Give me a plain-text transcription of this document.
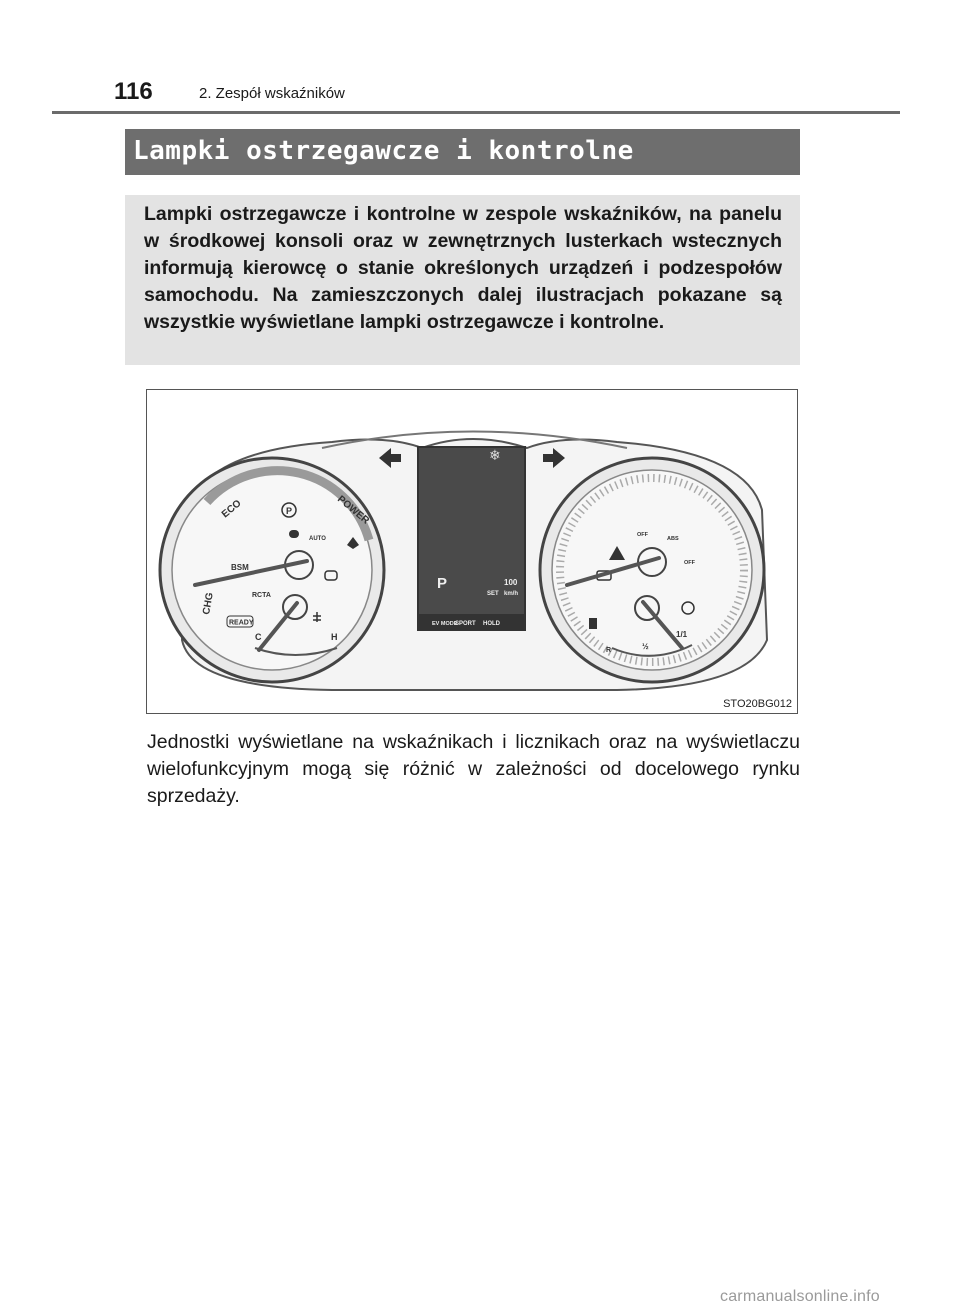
116	2. Zespół wskaźników
Lampki ostrzegawcze i kontrolne

Lampki ostrzegawcze i kontrolne w zespole wskaźników, na panelu w środkowej konsoli oraz w zewnętrznych lusterkach wstecznych informują kierowcę o stanie określonych urządzeń i podzespołów samochodu. Na zamieszczonych dalej ilustracjach pokazane są wszystkie wyświetlane lampki ostrzegawcze i kontrolne.

ECO	POWER
CHG
BSM
RCTA
READY
AUTO
C	H
P
❄
P	100
SET km/h
EV MODE
SPORT HOLD
OFF
ABS
OFF
R	½
1/1
STO20BG012

Jednostki wyświetlane na wskaźnikach i licznikach oraz na wyświetlaczu wielofunkcyjnym mogą się różnić w zależności od docelowego rynku sprzedaży.

carmanualsonline.info
